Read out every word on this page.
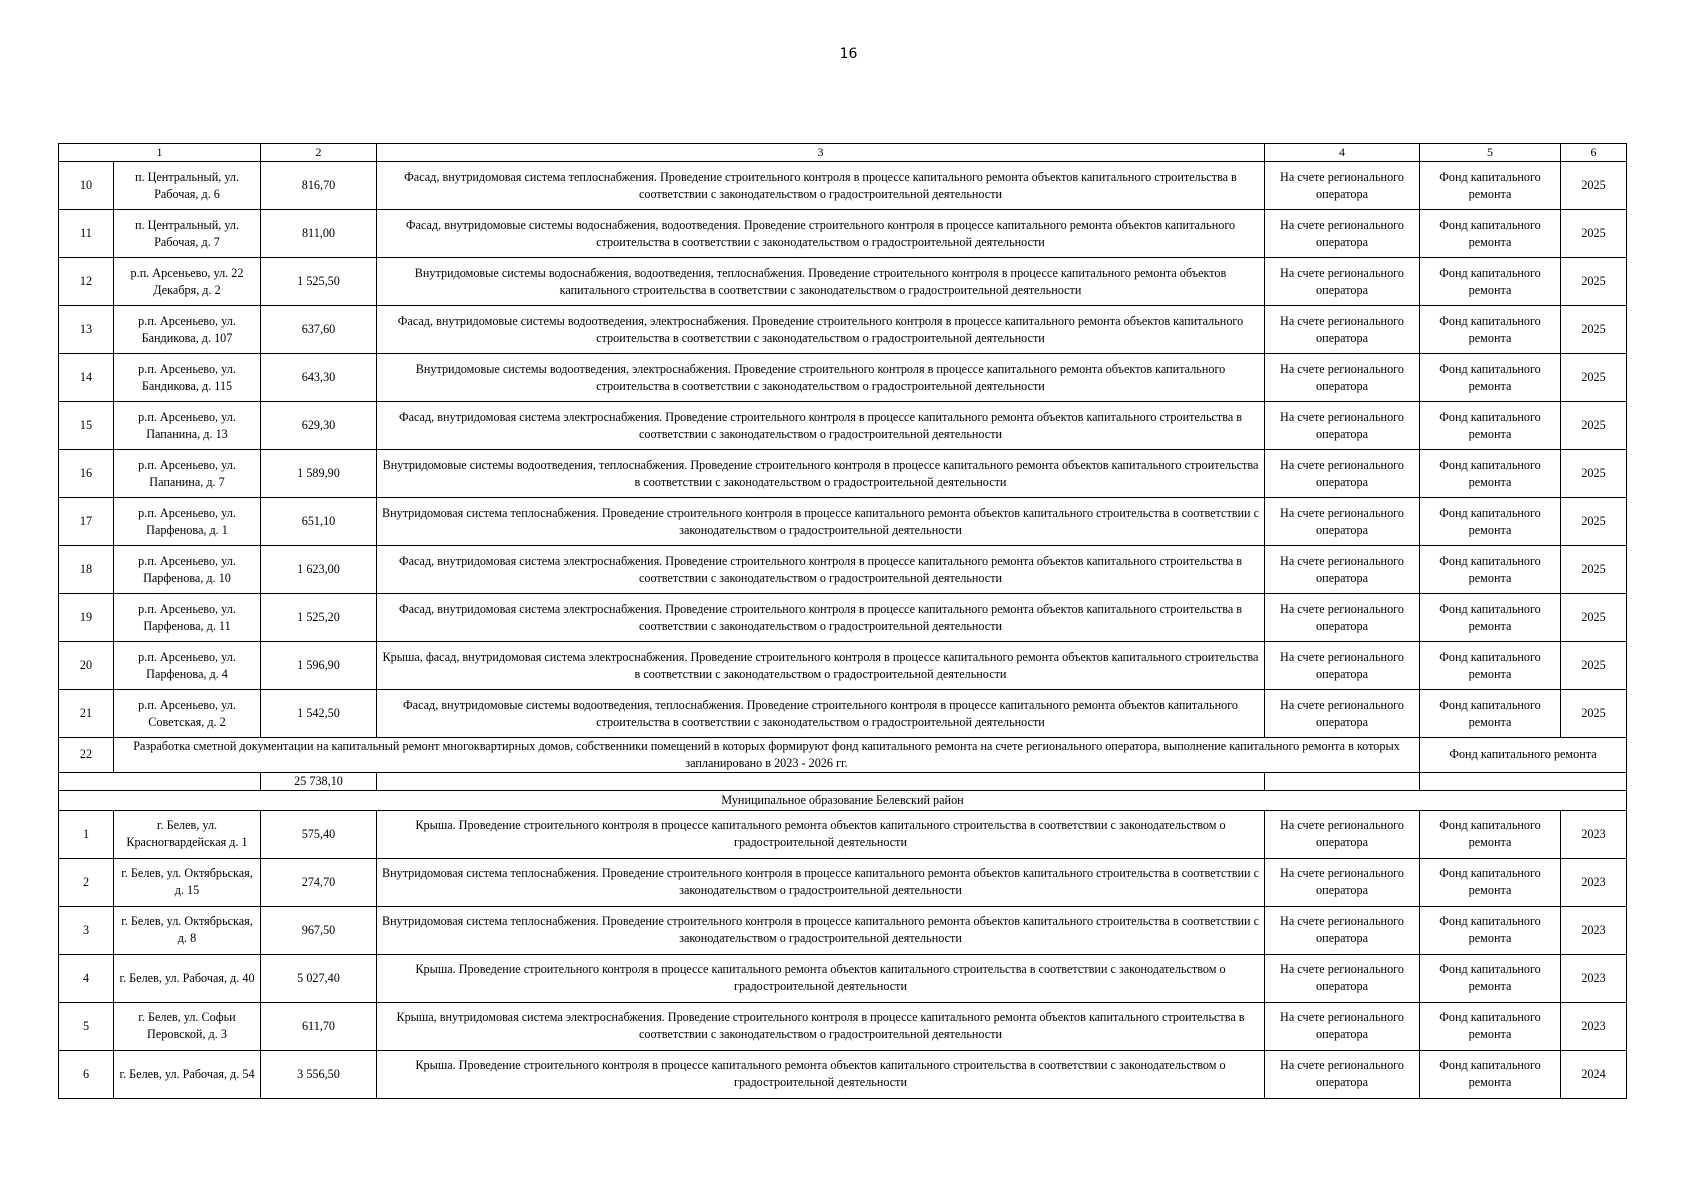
16
1		2	3	4	5	6
10	п. Центральный, ул. Рабочая, д. 6	816,70	Фасад, внутридомовая система теплоснабжения. Проведение строительного контроля в процессе капитального ремонта объектов капитального строительства в соответствии с законодательством о градостроительной деятельности	На счете регионального оператора	Фонд капитального ремонта	2025
11	п. Центральный, ул. Рабочая, д. 7	811,00	Фасад, внутридомовые системы водоснабжения, водоотведения. Проведение строительного контроля в процессе капитального ремонта объектов капитального строительства в соответствии с законодательством о градостроительной деятельности	На счете регионального оператора	Фонд капитального ремонта	2025
12	р.п. Арсеньево, ул. 22 Декабря, д. 2	1 525,50	Внутридомовые системы водоснабжения, водоотведения, теплоснабжения. Проведение строительного контроля в процессе капитального ремонта объектов капитального строительства в соответствии с законодательством о градостроительной деятельности	На счете регионального оператора	Фонд капитального ремонта	2025
13	р.п. Арсеньево, ул. Бандикова, д. 107	637,60	Фасад, внутридомовые системы водоотведения, электроснабжения. Проведение строительного контроля в процессе капитального ремонта объектов капитального строительства в соответствии с законодательством о градостроительной деятельности	На счете регионального оператора	Фонд капитального ремонта	2025
14	р.п. Арсеньево, ул. Бандикова, д. 115	643,30	Внутридомовые системы водоотведения, электроснабжения. Проведение строительного контроля в процессе капитального ремонта объектов капитального строительства в соответствии с законодательством о градостроительной деятельности	На счете регионального оператора	Фонд капитального ремонта	2025
15	р.п. Арсеньево, ул. Папанина, д. 13	629,30	Фасад, внутридомовая система электроснабжения. Проведение строительного контроля в процессе капитального ремонта объектов капитального строительства в соответствии с законодательством о градостроительной деятельности	На счете регионального оператора	Фонд капитального ремонта	2025
16	р.п. Арсеньево, ул. Папанина, д. 7	1 589,90	Внутридомовые системы водоотведения, теплоснабжения. Проведение строительного контроля в процессе капитального ремонта объектов капитального строительства в соответствии с законодательством о градостроительной деятельности	На счете регионального оператора	Фонд капитального ремонта	2025
17	р.п. Арсеньево, ул. Парфенова, д. 1	651,10	Внутридомовая система теплоснабжения. Проведение строительного контроля в процессе капитального ремонта объектов капитального строительства в соответствии с законодательством о градостроительной деятельности	На счете регионального оператора	Фонд капитального ремонта	2025
18	р.п. Арсеньево, ул. Парфенова, д. 10	1 623,00	Фасад, внутридомовая система электроснабжения. Проведение строительного контроля в процессе капитального ремонта объектов капитального строительства в соответствии с законодательством о градостроительной деятельности	На счете регионального оператора	Фонд капитального ремонта	2025
19	р.п. Арсеньево, ул. Парфенова, д. 11	1 525,20	Фасад, внутридомовая система электроснабжения. Проведение строительного контроля в процессе капитального ремонта объектов капитального строительства в соответствии с законодательством о градостроительной деятельности	На счете регионального оператора	Фонд капитального ремонта	2025
20	р.п. Арсеньево, ул. Парфенова, д. 4	1 596,90	Крыша, фасад, внутридомовая система электроснабжения. Проведение строительного контроля в процессе капитального ремонта объектов капитального строительства в соответствии с законодательством о градостроительной деятельности	На счете регионального оператора	Фонд капитального ремонта	2025
21	р.п. Арсеньево, ул. Советская, д. 2	1 542,50	Фасад, внутридомовые системы водоотведения, теплоснабжения. Проведение строительного контроля в процессе капитального ремонта объектов капитального строительства в соответствии с законодательством о градостроительной деятельности	На счете регионального оператора	Фонд капитального ремонта	2025
22	Разработка сметной документации на капитальный ремонт многоквартирных домов, собственники помещений в которых формируют фонд капитального ремонта на счете регионального оператора, выполнение капитального ремонта в которых запланировано в 2023 - 2026 гг.				Фонд капитального ремонта	
		25 738,10				
Муниципальное образование Белевский район						
1	г. Белев, ул. Красногвардейская д. 1	575,40	Крыша. Проведение строительного контроля в процессе капитального ремонта объектов капитального строительства в соответствии с законодательством о градостроительной деятельности	На счете регионального оператора	Фонд капитального ремонта	2023
2	г. Белев, ул. Октябрьская, д. 15	274,70	Внутридомовая система теплоснабжения. Проведение строительного контроля в процессе капитального ремонта объектов капитального строительства в соответствии с законодательством о градостроительной деятельности	На счете регионального оператора	Фонд капитального ремонта	2023
3	г. Белев, ул. Октябрьская, д. 8	967,50	Внутридомовая система теплоснабжения. Проведение строительного контроля в процессе капитального ремонта объектов капитального строительства в соответствии с законодательством о градостроительной деятельности	На счете регионального оператора	Фонд капитального ремонта	2023
4	г. Белев, ул. Рабочая, д. 40	5 027,40	Крыша. Проведение строительного контроля в процессе капитального ремонта объектов капитального строительства в соответствии с законодательством о градостроительной деятельности	На счете регионального оператора	Фонд капитального ремонта	2023
5	г. Белев, ул. Софьи Перовской, д. 3	611,70	Крыша, внутридомовая система электроснабжения. Проведение строительного контроля в процессе капитального ремонта объектов капитального строительства в соответствии с законодательством о градостроительной деятельности	На счете регионального оператора	Фонд капитального ремонта	2023
6	г. Белев, ул. Рабочая, д. 54	3 556,50	Крыша. Проведение строительного контроля в процессе капитального ремонта объектов капитального строительства в соответствии с законодательством о градостроительной деятельности	На счете регионального оператора	Фонд капитального ремонта	2024
